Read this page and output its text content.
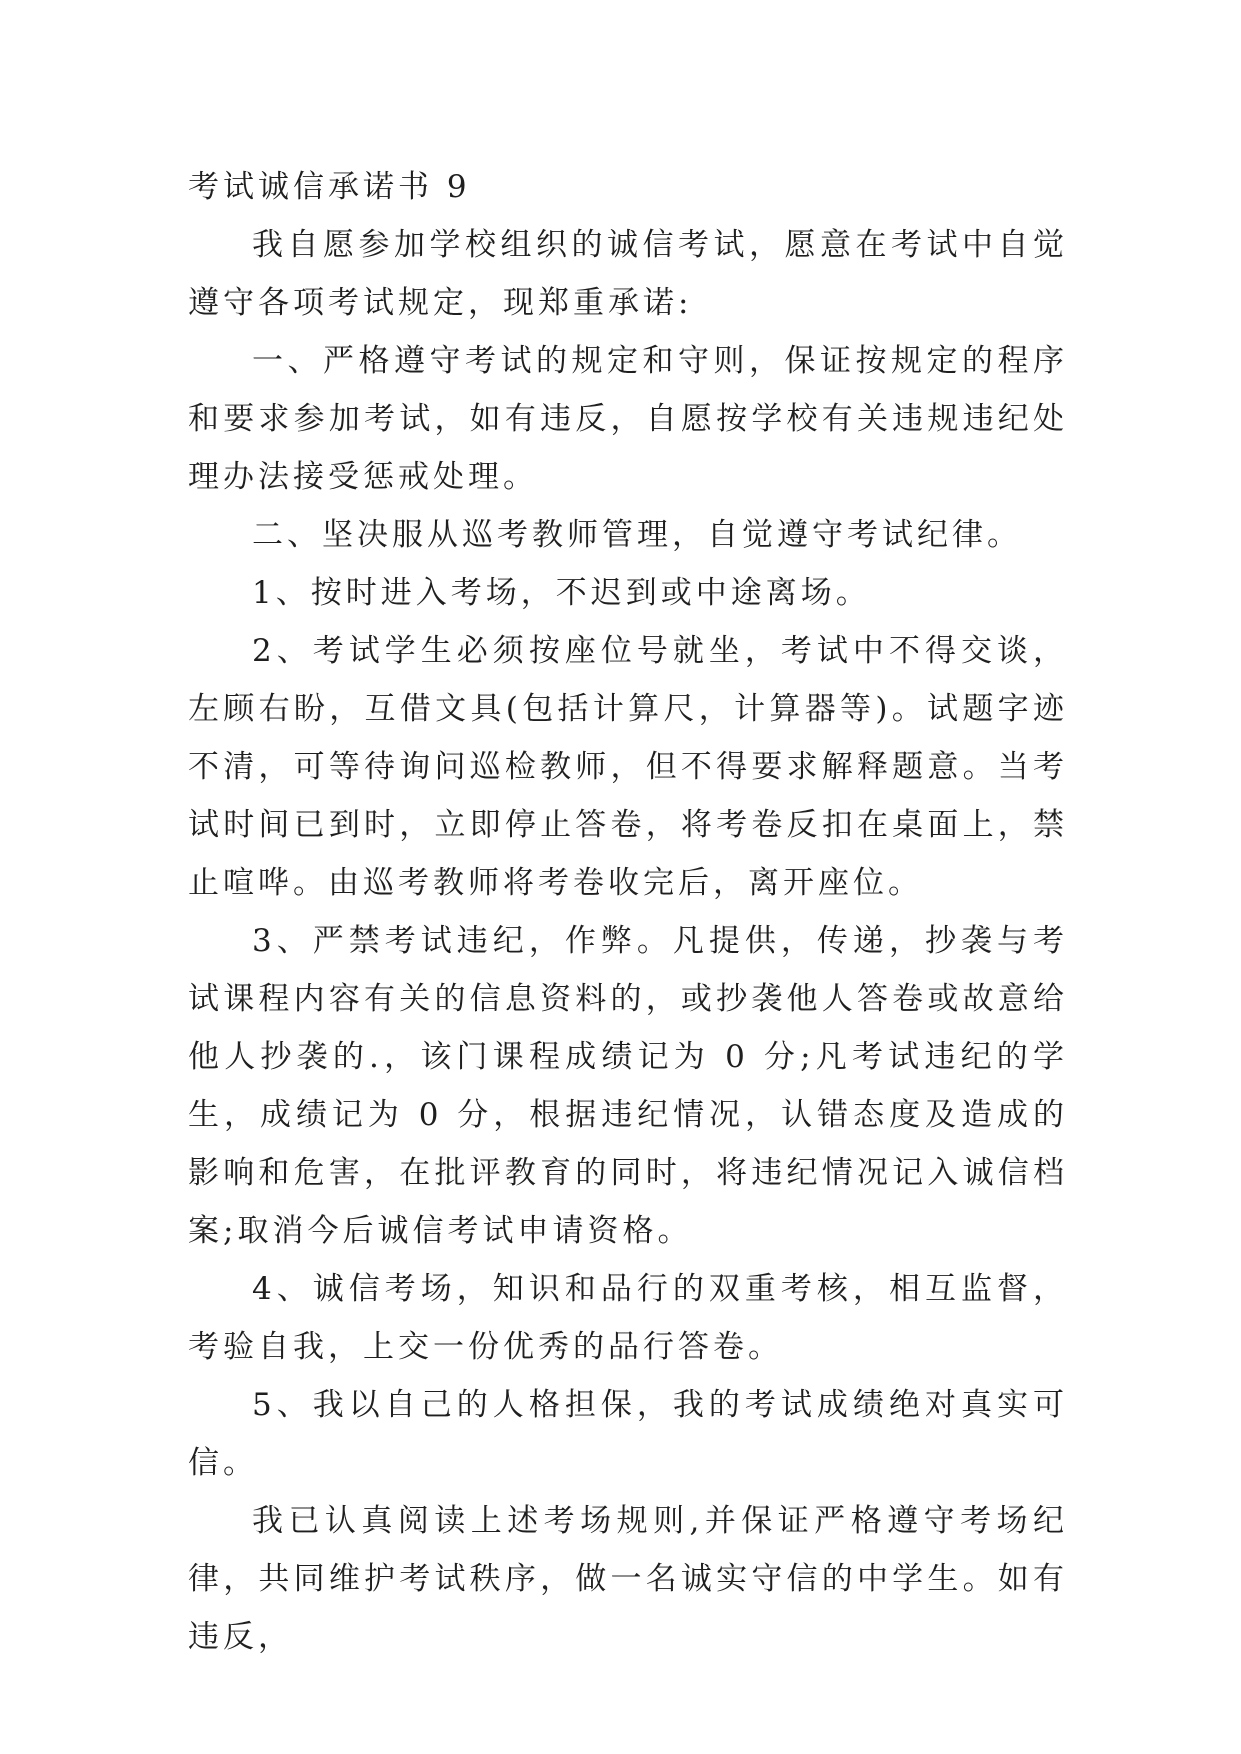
考试诚信承诺书 9

我自愿参加学校组织的诚信考试，愿意在考试中自觉遵守各项考试规定，现郑重承诺:

一、严格遵守考试的规定和守则，保证按规定的程序和要求参加考试，如有违反，自愿按学校有关违规违纪处理办法接受惩戒处理。

二、坚决服从巡考教师管理，自觉遵守考试纪律。

1、按时进入考场，不迟到或中途离场。

2、考试学生必须按座位号就坐，考试中不得交谈，左顾右盼，互借文具(包括计算尺，计算器等)。试题字迹不清，可等待询问巡检教师，但不得要求解释题意。当考试时间已到时，立即停止答卷，将考卷反扣在桌面上，禁止喧哗。由巡考教师将考卷收完后，离开座位。

3、严禁考试违纪，作弊。凡提供，传递，抄袭与考试课程内容有关的信息资料的，或抄袭他人答卷或故意给他人抄袭的.，该门课程成绩记为 0 分;凡考试违纪的学生，成绩记为 0 分，根据违纪情况，认错态度及造成的影响和危害，在批评教育的同时，将违纪情况记入诚信档案;取消今后诚信考试申请资格。

4、诚信考场，知识和品行的双重考核，相互监督，考验自我，上交一份优秀的品行答卷。

5、我以自己的人格担保，我的考试成绩绝对真实可信。

我已认真阅读上述考场规则,并保证严格遵守考场纪律，共同维护考试秩序，做一名诚实守信的中学生。如有违反，
